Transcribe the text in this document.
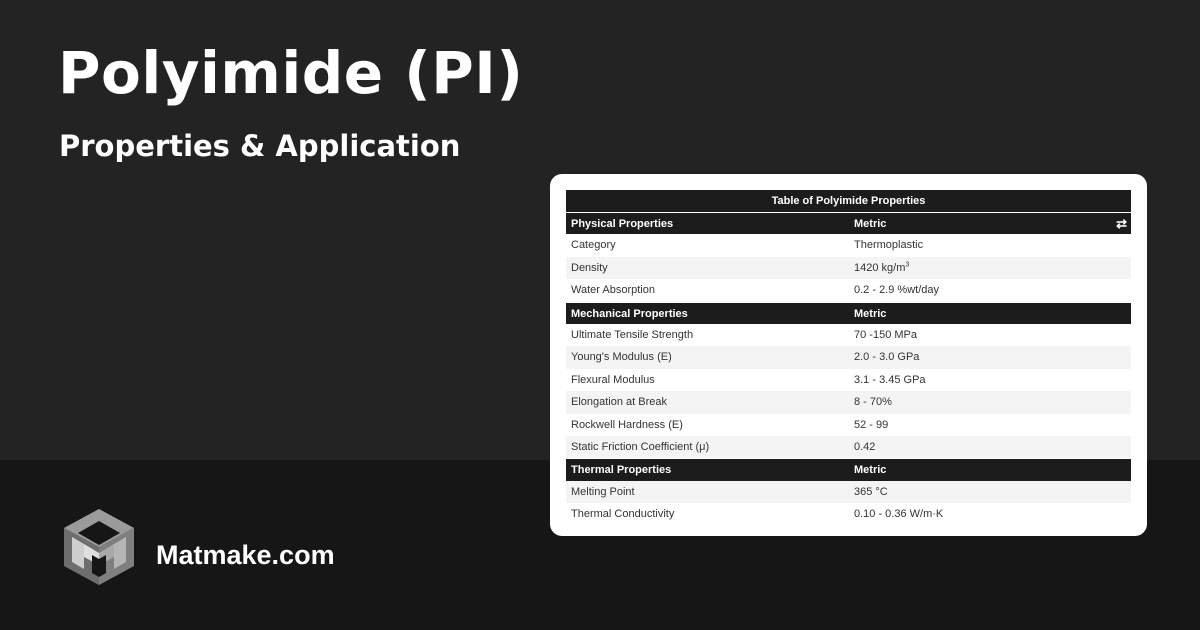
Polyimide (PI)
Properties & Application
Table of Polyimide Properties
Physical Properties	Metric	⇄
Category	Thermoplastic
Density	1420 $kg/m^3$
Water Absorption	0.2 - 2.9 %wt/day
Mechanical Properties	Metric
Ultimate Tensile Strength	70 -150 MPa
Young's Modulus (E)	2.0 - 3.0 GPa
Flexural Modulus	3.1 - 3.45 GPa
Elongation at Break	8 - 70%
Rockwell Hardness (E)	52 - 99
Static Friction Coefficient (μ)	0.42
Thermal Properties	Metric
Melting Point	365 °C
Thermal Conductivity	0.10 - 0.36 W/m·K
Matmake.com
